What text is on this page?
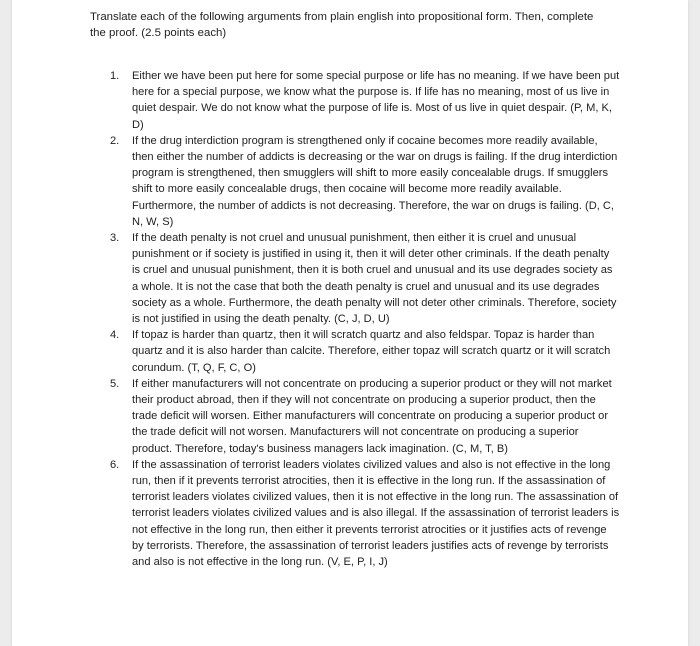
Translate each of the following arguments from plain english into propositional form. Then, complete the proof. (2.5 points each)

1.	Either we have been put here for some special purpose or life has no meaning. If we have been put here for a special purpose, we know what the purpose is. If life has no meaning, most of us live in quiet despair. We do not know what the purpose of life is. Most of us live in quiet despair. (P, M, K, D)

2.	If the drug interdiction program is strengthened only if cocaine becomes more readily available, then either the number of addicts is decreasing or the war on drugs is failing. If the drug interdiction program is strengthened, then smugglers will shift to more easily concealable drugs. If smugglers shift to more easily concealable drugs, then cocaine will become more readily available. Furthermore, the number of addicts is not decreasing. Therefore, the war on drugs is failing. (D, C, N, W, S)

3.	If the death penalty is not cruel and unusual punishment, then either it is cruel and unusual punishment or if society is justified in using it, then it will deter other criminals. If the death penalty is cruel and unusual punishment, then it is both cruel and unusual and its use degrades society as a whole. It is not the case that both the death penalty is cruel and unusual and its use degrades society as a whole. Furthermore, the death penalty will not deter other criminals. Therefore, society is not justified in using the death penalty. (C, J, D, U)

4.	If topaz is harder than quartz, then it will scratch quartz and also feldspar. Topaz is harder than quartz and it is also harder than calcite. Therefore, either topaz will scratch quartz or it will scratch corundum. (T, Q, F, C, O)

5.	If either manufacturers will not concentrate on producing a superior product or they will not market their product abroad, then if they will not concentrate on producing a superior product, then the trade deficit will worsen. Either manufacturers will concentrate on producing a superior product or the trade deficit will not worsen. Manufacturers will not concentrate on producing a superior product. Therefore, today's business managers lack imagination. (C, M, T, B)

6.	If the assassination of terrorist leaders violates civilized values and also is not effective in the long run, then if it prevents terrorist atrocities, then it is effective in the long run. If the assassination of terrorist leaders violates civilized values, then it is not effective in the long run. The assassination of terrorist leaders violates civilized values and is also illegal. If the assassination of terrorist leaders is not effective in the long run, then either it prevents terrorist atrocities or it justifies acts of revenge by terrorists. Therefore, the assassination of terrorist leaders justifies acts of revenge by terrorists and also is not effective in the long run. (V, E, P, I, J)
